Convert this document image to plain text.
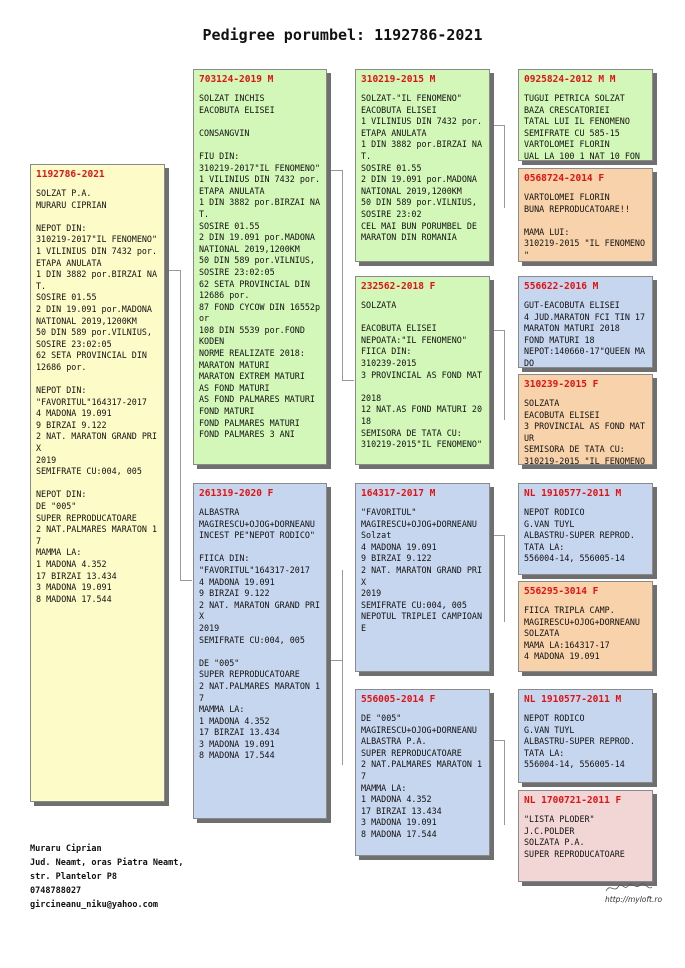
Pedigree porumbel: 1192786-2021
1192786-2021
SOLZAT P.A.
MURARU CIPRIAN

NEPOT DIN:
310219-2017"IL FENOMENO"
1 VILINIUS DIN 7432 por.
ETAPA ANULATA
1 DIN 3882 por.BIRZAI NA
T.
SOSIRE 01.55
2 DIN 19.091 por.MADONA
NATIONAL 2019,1200KM
50 DIN 589 por.VILNIUS,
SOSIRE 23:02:05
62 SETA PROVINCIAL DIN
12686 por.

NEPOT DIN:
"FAVORITUL"164317-2017
4 MADONA 19.091
9 BIRZAI 9.122
2 NAT. MARATON GRAND PRI
X
2019
SEMIFRATE CU:004, 005

NEPOT DIN:
DE "005"
SUPER REPRODUCATOARE
2 NAT.PALMARES MARATON 1
7
MAMMA LA:
1 MADONA 4.352
17 BIRZAI 13.434
3 MADONA 19.091
8 MADONA 17.544
703124-2019 M
SOLZAT INCHIS
EACOBUTA ELISEI

CONSANGVIN

FIU DIN:
310219-2017"IL FENOMENO"
1 VILINIUS DIN 7432 por.
ETAPA ANULATA
1 DIN 3882 por.BIRZAI NA
T.
SOSIRE 01.55
2 DIN 19.091 por.MADONA
NATIONAL 2019,1200KM
50 DIN 589 por.VILNIUS,
SOSIRE 23:02:05
62 SETA PROVINCIAL DIN
12686 por.
87 FOND CYCOW DIN 16552p
or
108 DIN 5539 por.FOND
KODEN
NORME REALIZATE 2018:
MARATON MATURI
MARATON EXTREM MATURI
AS FOND MATURI
AS FOND PALMARES MATURI
FOND MATURI
FOND PALMARES MATURI
FOND PALMARES 3 ANI
261319-2020 F
ALBASTRA
MAGIRESCU+OJOG+DORNEANU
INCEST PE"NEPOT RODICO"

FIICA DIN:
"FAVORITUL"164317-2017
4 MADONA 19.091
9 BIRZAI 9.122
2 NAT. MARATON GRAND PRI
X
2019
SEMIFRATE CU:004, 005

DE "005"
SUPER REPRODUCATOARE
2 NAT.PALMARES MARATON 1
7
MAMMA LA:
1 MADONA 4.352
17 BIRZAI 13.434
3 MADONA 19.091
8 MADONA 17.544
310219-2015 M
SOLZAT-"IL FENOMENO"
EACOBUTA ELISEI
1 VILINIUS DIN 7432 por.
ETAPA ANULATA
1 DIN 3882 por.BIRZAI NA
T.
SOSIRE 01.55
2 DIN 19.091 por.MADONA
NATIONAL 2019,1200KM
50 DIN 589 por.VILNIUS,
SOSIRE 23:02
CEL MAI BUN PORUMBEL DE
MARATON DIN ROMANIA
232562-2018 F
SOLZATA

EACOBUTA ELISEI
NEPOATA:"IL FENOMENO"
FIICA DIN:
310239-2015
3 PROVINCIAL AS FOND MAT

2018
12 NAT.AS FOND MATURI 20
18
SEMISORA DE TATA CU:
310219-2015"IL FENOMENO"
164317-2017 M
"FAVORITUL"
MAGIRESCU+OJOG+DORNEANU
Solzat
4 MADONA 19.091
9 BIRZAI 9.122
2 NAT. MARATON GRAND PRI
X
2019
SEMIFRATE CU:004, 005
NEPOTUL TRIPLEI CAMPIOAN
E
556005-2014 F
DE "005"
MAGIRESCU+OJOG+DORNEANU
ALBASTRA P.A.
SUPER REPRODUCATOARE
2 NAT.PALMARES MARATON 1
7
MAMMA LA:
1 MADONA 4.352
17 BIRZAI 13.434
3 MADONA 19.091
8 MADONA 17.544
0925824-2012 M M
TUGUI PETRICA SOLZAT
BAZA CRESCATORIEI
TATAL LUI IL FENOMENO
SEMIFRATE CU 585-15
VARTOLOMEI FLORIN
UAL LA 100 1 NAT 10 FON
0568724-2014 F
VARTOLOMEI FLORIN
BUNA REPRODUCATOARE!!

MAMA LUI:
310219-2015 "IL FENOMENO
"
556622-2016 M
GUT-EACOBUTA ELISEI
4 JUD.MARATON FCI TIN 17
MARATON MATURI 2018
FOND MATURI 18
NEPOT:140660-17"QUEEN MA
DO
310239-2015 F
SOLZATA
EACOBUTA ELISEI
3 PROVINCIAL AS FOND MAT
UR
SEMISORA DE TATA CU:
310219-2015 "IL FENOMENO
NL 1910577-2011 M
NEPOT RODICO
G.VAN TUYL
ALBASTRU-SUPER REPROD.
TATA LA:
556004-14, 556005-14
556295-3014 F
FIICA TRIPLA CAMP.
MAGIRESCU+OJOG+DORNEANU
SOLZATA
MAMA LA:164317-17
4 MADONA 19.091
NL 1910577-2011 M
NEPOT RODICO
G.VAN TUYL
ALBASTRU-SUPER REPROD.
TATA LA:
556004-14, 556005-14
NL 1700721-2011 F
"LISTA PLODER"
J.C.POLDER
SOLZATA P.A.
SUPER REPRODUCATOARE
Muraru Ciprian
Jud. Neamt, oras Piatra Neamt,
str. Plantelor P8
0748788027
gircineanu_niku@yahoo.com
http://myloft.ro
